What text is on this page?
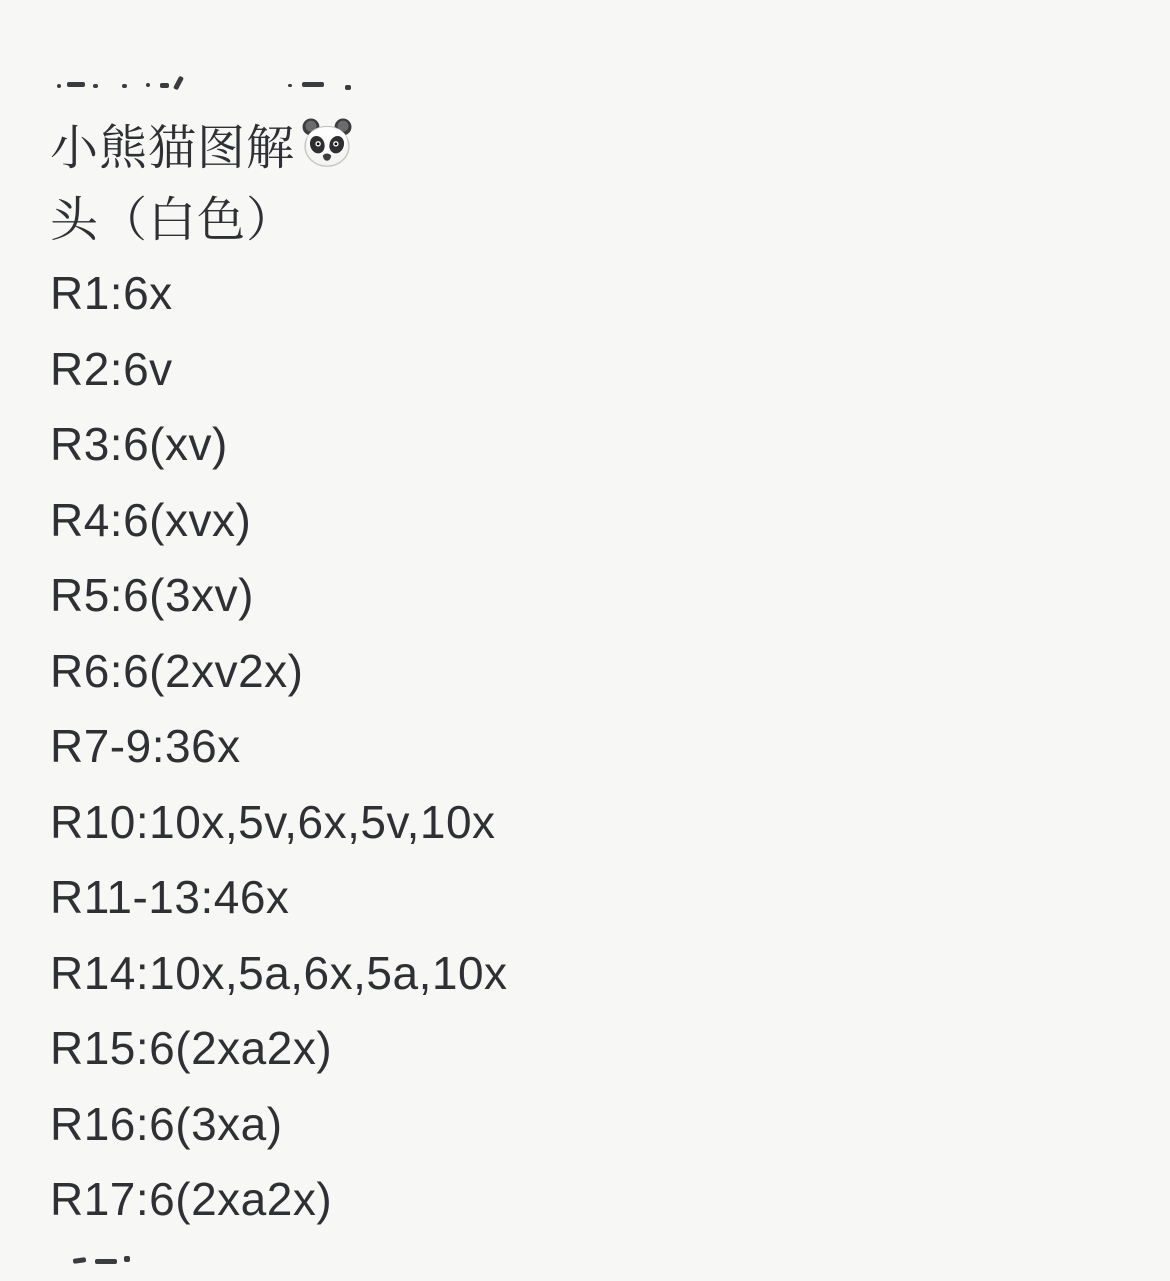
小熊猫图解
头（白色）
R1:6x
R2:6v
R3:6(xv)
R4:6(xvx)
R5:6(3xv)
R6:6(2xv2x)
R7-9:36x
R10:10x,5v,6x,5v,10x
R11-13:46x
R14:10x,5a,6x,5a,10x
R15:6(2xa2x)
R16:6(3xa)
R17:6(2xa2x)
